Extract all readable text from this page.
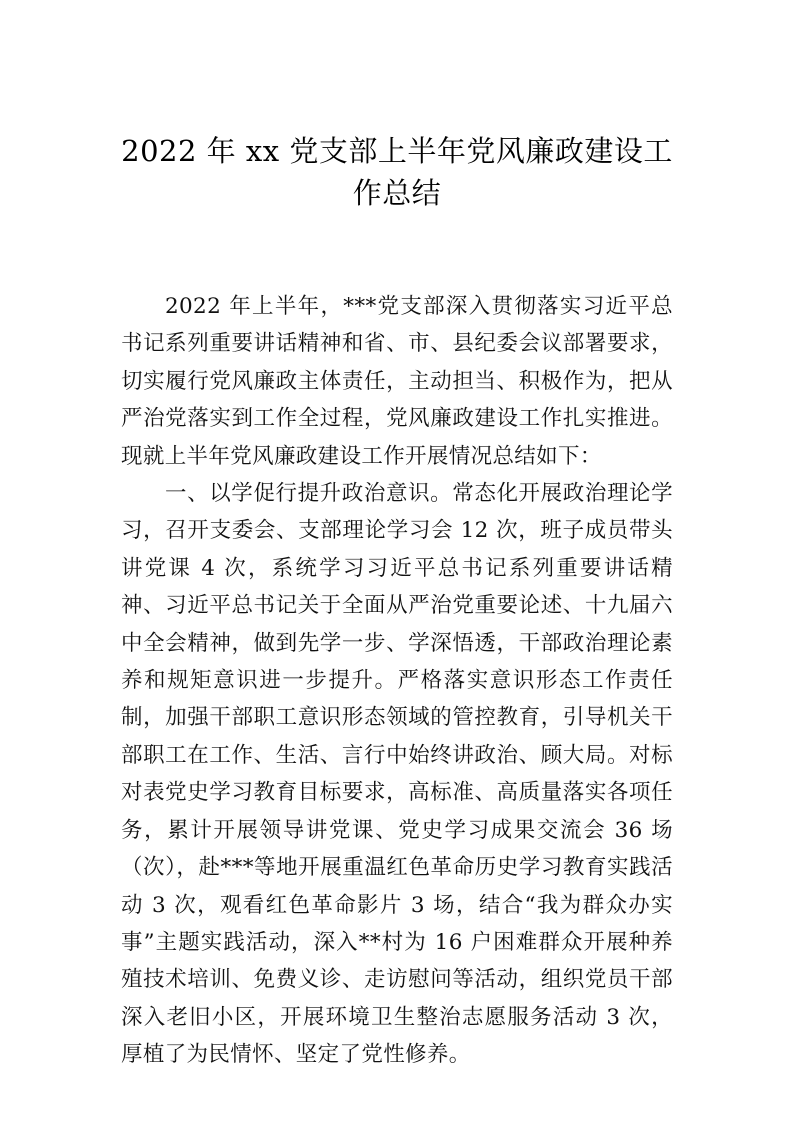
2022 年 xx 党支部上半年党风廉政建设工作总结

2022 年上半年，***党支部深入贯彻落实习近平总书记系列重要讲话精神和省、市、县纪委会议部署要求，切实履行党风廉政主体责任，主动担当、积极作为，把从严治党落实到工作全过程，党风廉政建设工作扎实推进。现就上半年党风廉政建设工作开展情况总结如下：

一、以学促行提升政治意识。常态化开展政治理论学习，召开支委会、支部理论学习会 12 次，班子成员带头讲党课 4 次，系统学习习近平总书记系列重要讲话精神、习近平总书记关于全面从严治党重要论述、十九届六中全会精神，做到先学一步、学深悟透，干部政治理论素养和规矩意识进一步提升。严格落实意识形态工作责任制，加强干部职工意识形态领域的管控教育，引导机关干部职工在工作、生活、言行中始终讲政治、顾大局。对标对表党史学习教育目标要求，高标准、高质量落实各项任务，累计开展领导讲党课、党史学习成果交流会 36 场（次），赴***等地开展重温红色革命历史学习教育实践活动 3 次，观看红色革命影片 3 场，结合“我为群众办实事”主题实践活动，深入**村为 16 户困难群众开展种养殖技术培训、免费义诊、走访慰问等活动，组织党员干部深入老旧小区，开展环境卫生整治志愿服务活动 3 次，厚植了为民情怀、坚定了党性修养。
